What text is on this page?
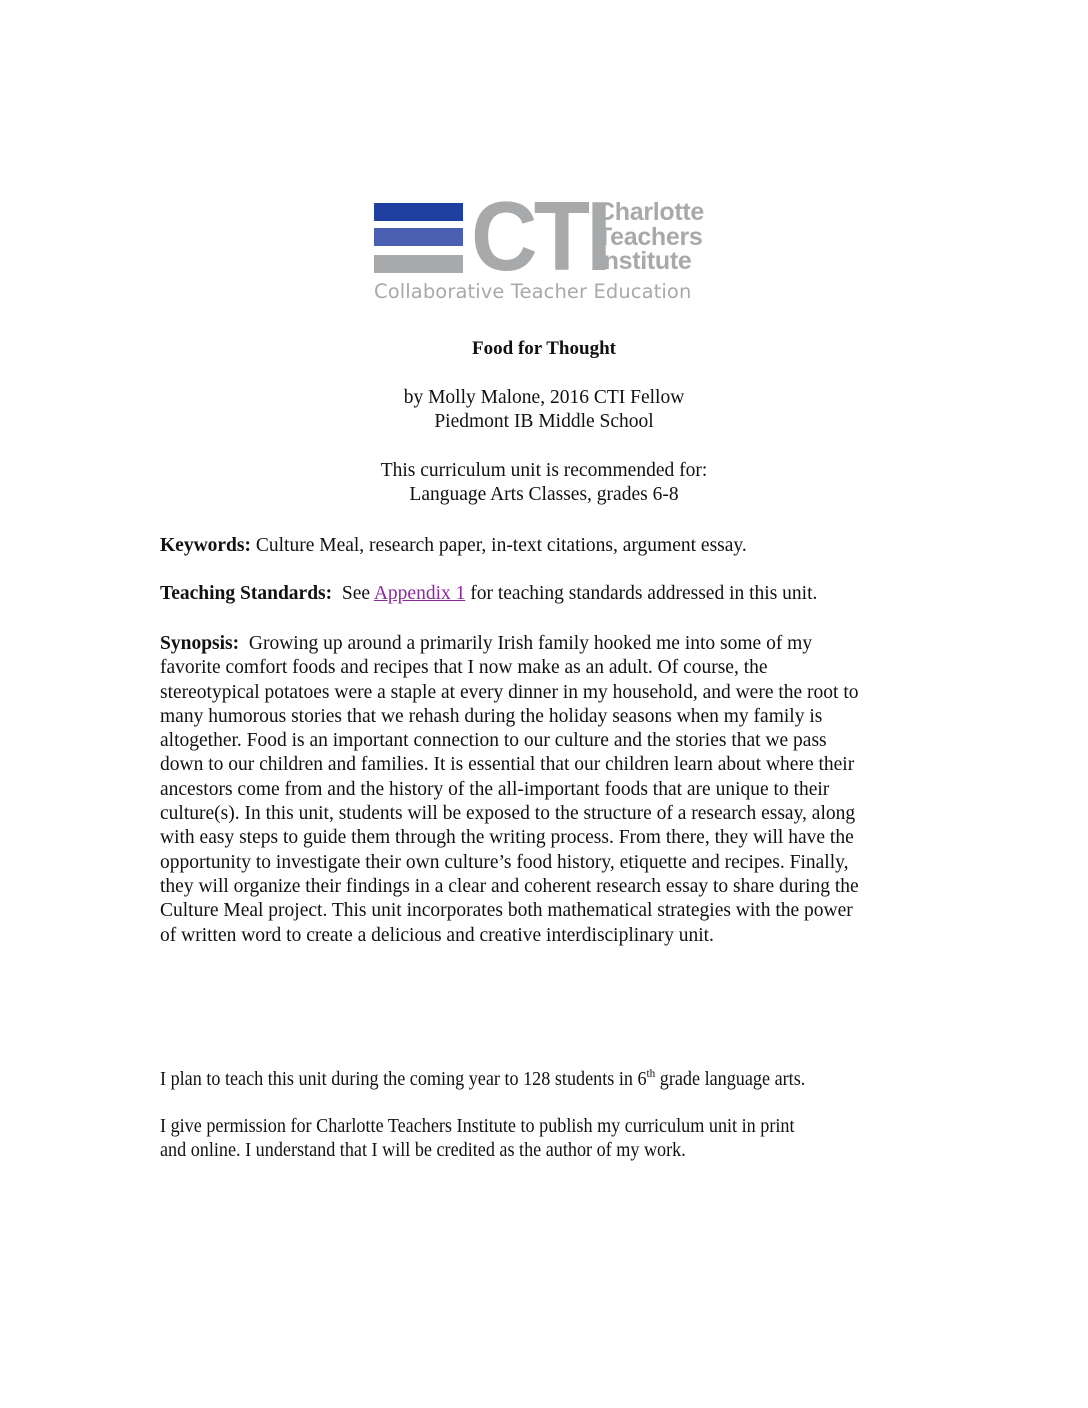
CTI
Charlotte
Teachers
Institute
Collaborative Teacher Education
Food for Thought
by Molly Malone, 2016 CTI Fellow
Piedmont IB Middle School
This curriculum unit is recommended for:
Language Arts Classes, grades 6-8
Keywords: Culture Meal, research paper, in-text citations, argument essay.
Teaching Standards:  See Appendix 1 for teaching standards addressed in this unit.
Synopsis:  Growing up around a primarily Irish family hooked me into some of my
favorite comfort foods and recipes that I now make as an adult. Of course, the
stereotypical potatoes were a staple at every dinner in my household, and were the root to
many humorous stories that we rehash during the holiday seasons when my family is
altogether. Food is an important connection to our culture and the stories that we pass
down to our children and families. It is essential that our children learn about where their
ancestors come from and the history of the all-important foods that are unique to their
culture(s). In this unit, students will be exposed to the structure of a research essay, along
with easy steps to guide them through the writing process. From there, they will have the
opportunity to investigate their own culture’s food history, etiquette and recipes. Finally,
they will organize their findings in a clear and coherent research essay to share during the
Culture Meal project. This unit incorporates both mathematical strategies with the power
of written word to create a delicious and creative interdisciplinary unit.
I plan to teach this unit during the coming year to 128 students in 6th grade language arts.
I give permission for Charlotte Teachers Institute to publish my curriculum unit in print
and online. I understand that I will be credited as the author of my work.
